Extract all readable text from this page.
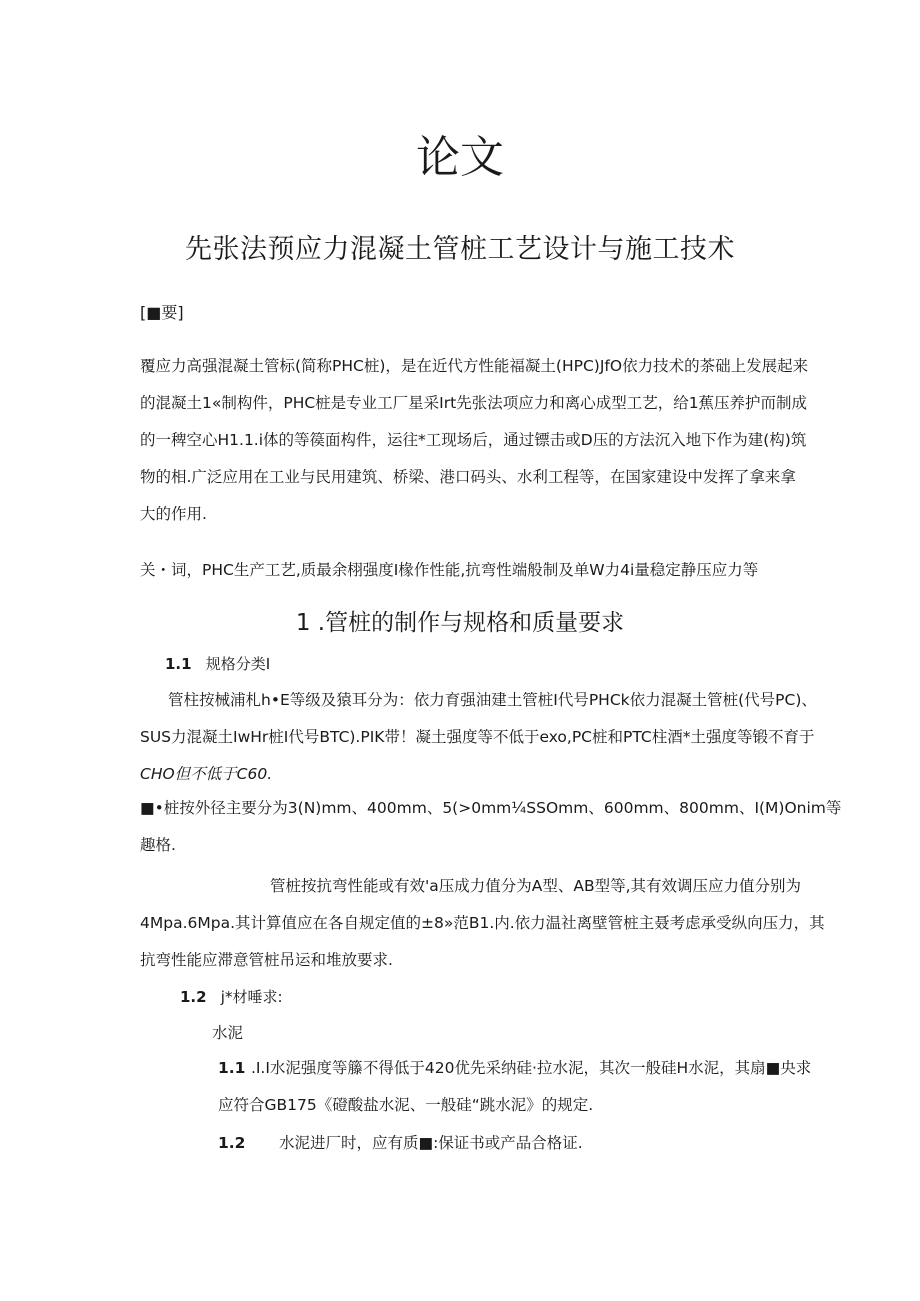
论文
先张法预应力混凝土管桩工艺设计与施工技术
[■要]
覆应力高强混凝土管标(简称PHC桩)，是在近代方性能福凝土(HPC)JfO依力技术的茶础上发展起来
的混凝土1«制构件，PHC桩是专业工厂星采Irt先张法项应力和离心成型工艺，给1蕉压养护而制成
的一稗空心H1.1.i体的等篌面构件，运往*工现场后，通过镖击或D压的方法沉入地下作为建(构)筑
物的相.广泛应用在工业与民用建筑、桥梁、港口码头、水利工程等，在国家建设中发挥了拿来拿
大的作用.
关・词，PHC生产工艺,质最余栩强度I椽作性能,抗弯性端般制及单W力4i量稳定静压应力等
1 .管桩的制作与规格和质量要求
1.1 规格分类I
管柱按械浦札h•E等级及猿耳分为：依力育强油建土管桩I代号PHCk依力混凝土管桩(代号PC)、
SUS力混凝土IwHr桩I代号BTC).PIK带！凝土强度等不低于exo,PC桩和PTC柱酒*土强度等锻不育于
CHO但不低于C60.
■•桩按外径主要分为3(N)mm、400mm、5(>0mm¼SSOmm、600mm、800mm、I(M)Onim等
趣格.
管桩按抗弯性能或有效'a压成力值分为A型、AB型等,其有效调压应力值分别为
4Mpa.6Mpa.其计算值应在各自规定值的±8»范B1.内.依力温社离壁管桩主聂考虑承受纵向压力，其
抗弯性能应滞意管桩吊运和堆放要求.
1.2 j*材唾求:
水泥
1.1 .I.I水泥强度等籐不得低于420优先采纳硅·拉水泥，其次一般硅H水泥，其扇■央求
应符合GB175《磴酸盐水泥、一般硅“跳水泥》的规定.
1.2 水泥进厂时，应有质■:保证书或产品合格证.
